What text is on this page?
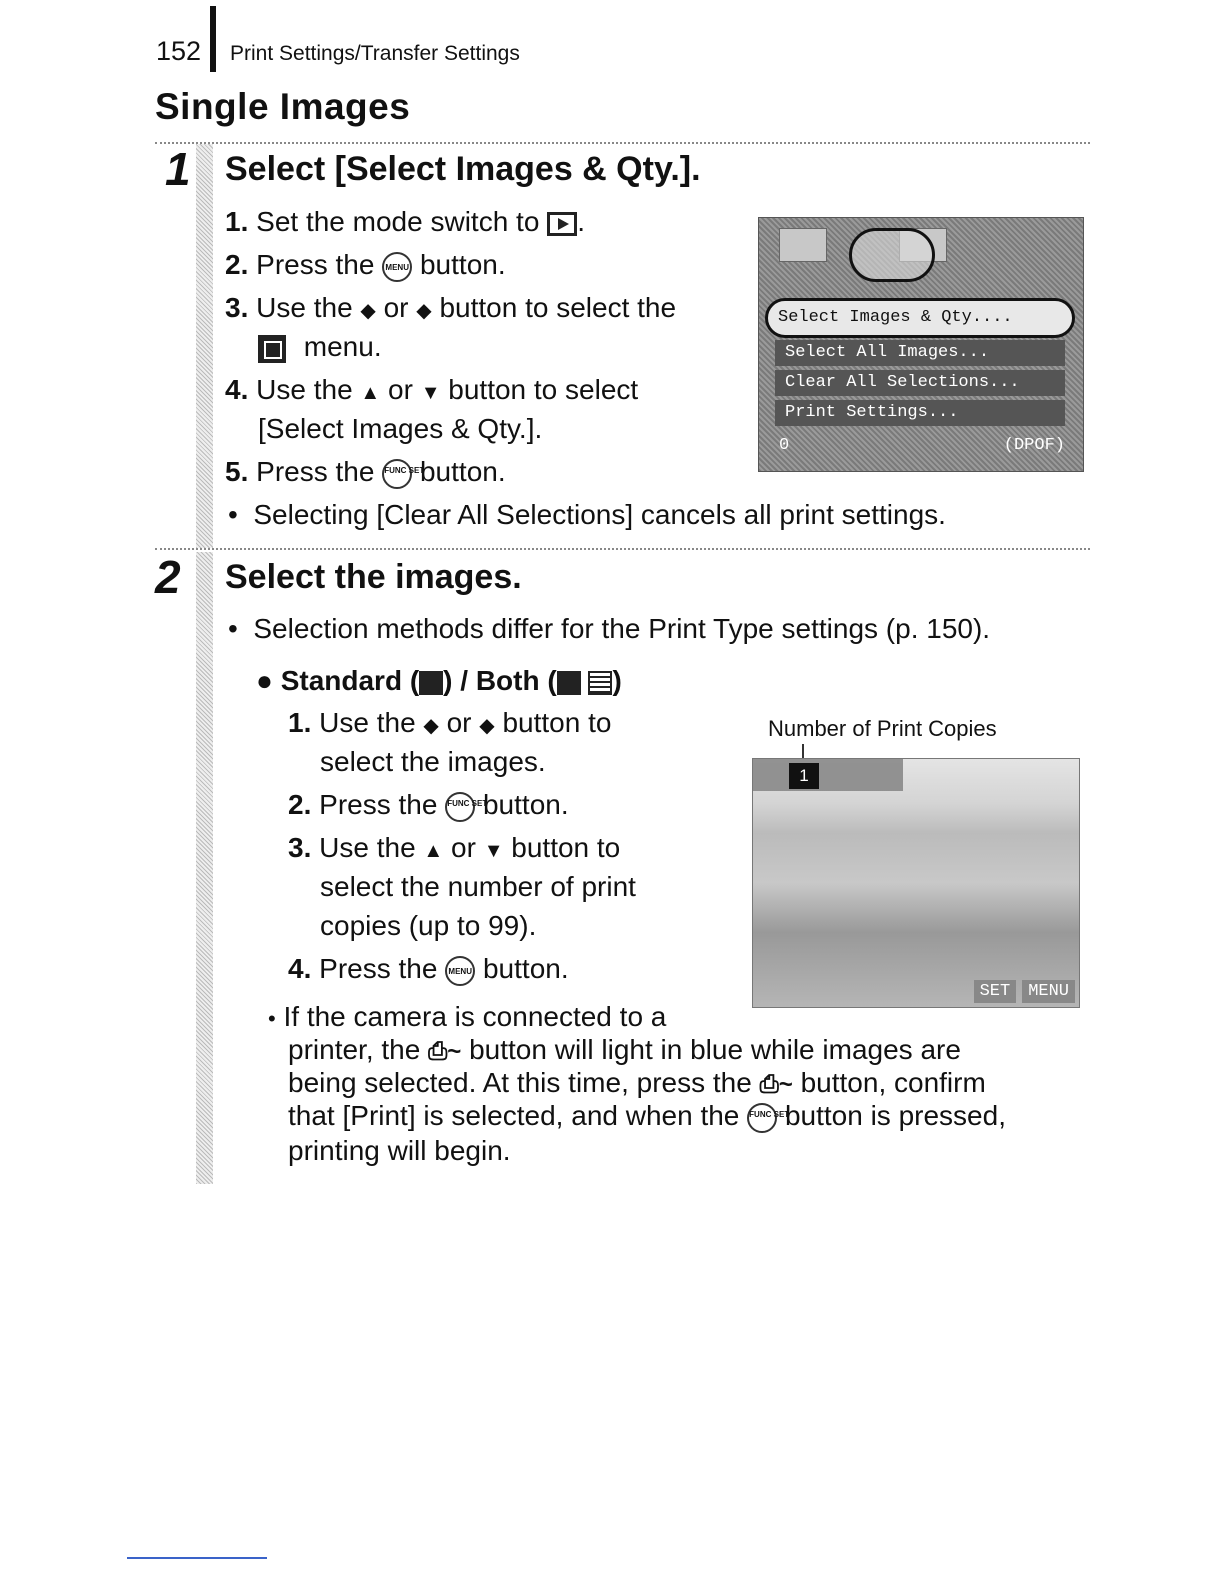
152 Print Settings/Transfer Settings
Single Images
1 Select [Select Images & Qty.].
1. Set the mode switch to .
2. Press the MENU button.
3. Use the ◆ or ◆ button to select the
menu.
4. Use the ▲ or ▼ button to select
[Select Images & Qty.].
5. Press the FUNC SET button.
• Selecting [Clear All Selections] cancels all print settings.
Select Images & Qty....
Select All Images...
Clear All Selections...
Print Settings...
0	(DPOF)
2 Select the images.
• Selection methods differ for the Print Type settings (p. 150).
● Standard ( ) / Both ( )
1. Use the ◆ or ◆ button to
select the images.
2. Press the FUNC SET button.
3. Use the ▲ or ▼ button to
select the number of print
copies (up to 99).
4. Press the MENU button.
Number of Print Copies
1
SET	MENU
• If the camera is connected to a
printer, the ⎙~ button will light in blue while images are
being selected. At this time, press the ⎙~ button, confirm
that [Print] is selected, and when the FUNC SET button is pressed,
printing will begin.
